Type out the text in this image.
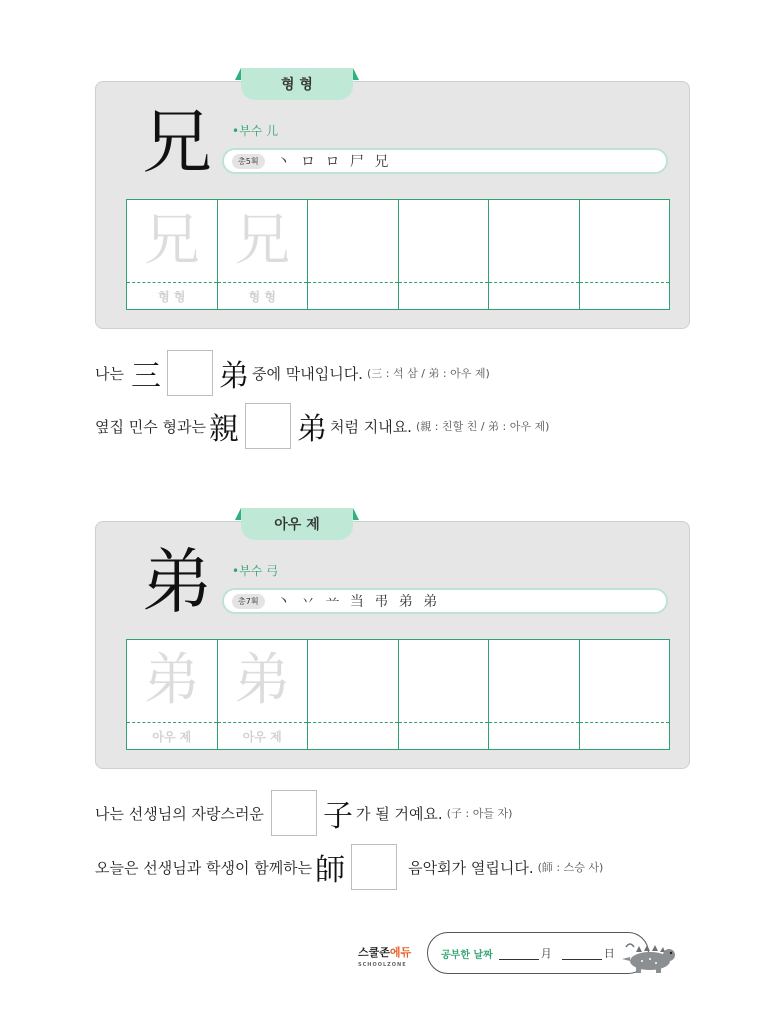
형 형
兄	•부수 儿
총5획	丶 ロ ロ 尸 兄
兄
형 형
兄
형 형
나는 三 弟 중에 막내입니다. (三 : 석 삼 / 弟 : 아우 제)
옆집 민수 형과는 親 弟 처럼 지내요. (親 : 친할 친 / 弟 : 아우 제)
아우 제
弟	•부수 弓
총7획	丶 丷 䒑 当 弔 弟 弟
弟
아우 제
弟
아우 제
나는 선생님의 자랑스러운 子 가 될 거예요. (子 : 아들 자)
오늘은 선생님과 학생이 함께하는 師	음악회가 열립니다. (師 : 스승 사)
스쿨존에듀
SCHOOLZONE
공부한 날짜	月	日
